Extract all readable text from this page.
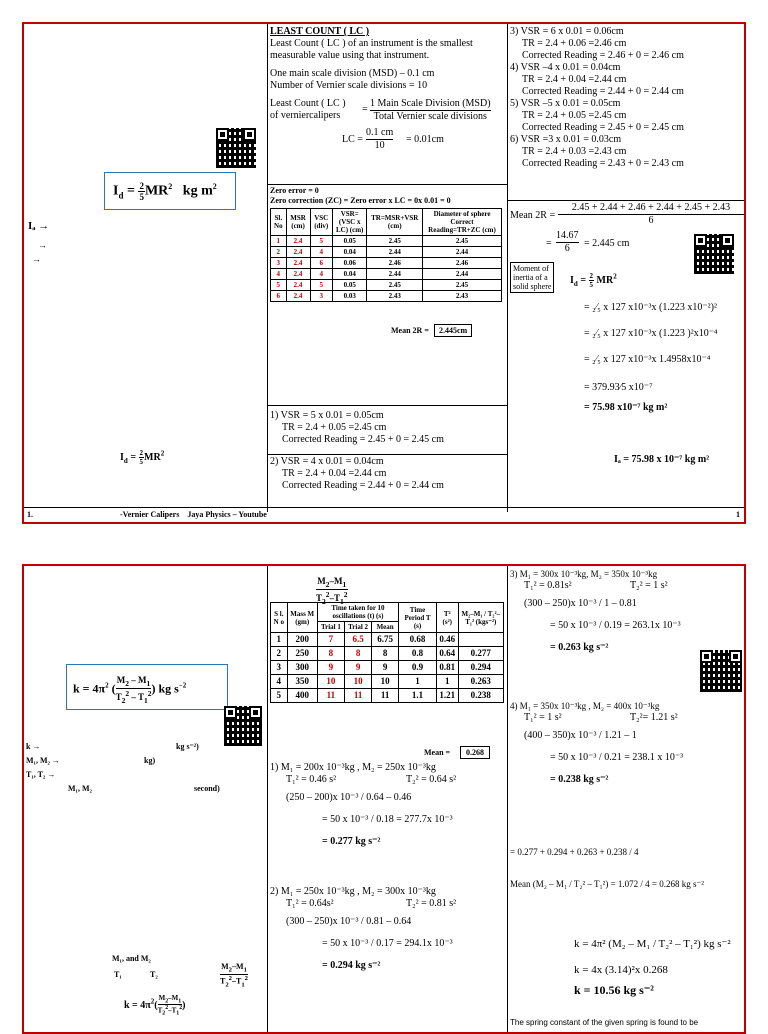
$I_d = \frac{2}{5} MR^2$   kg $m^2$
Iₐ →
→
→
$I_d = \frac{2}{5} MR^2$
LEAST COUNT ( LC )
Least Count ( LC ) of an instrument is the smallest measurable value using that instrument.
One main scale division (MSD) – 0.1 cm
Number of Vernier scale divisions = 10
Least Count ( LC )
of verniercalipers
=
1 Main Scale Division (MSD)
Total Vernier scale divisions
LC = $\frac{0.1 cm}{10} = 0.01cm$
Zero error = 0
Zero correction (ZC) = Zero error x LC = 0x 0.01 = 0
Sl. No	MSR (cm)	VSC (div)	VSR= (VSC x LC) (cm)	TR=MSR+VSR (cm)	Diameter of sphere Correct Reading=TR+ZC (cm)
1	2.4	5	0.05	2.45	2.45
2	2.4	4	0.04	2.44	2.44
3	2.4	6	0.06	2.46	2.46
4	2.4	4	0.04	2.44	2.44
5	2.4	5	0.05	2.45	2.45
6	2.4	3	0.03	2.43	2.43
Mean 2R =	2.445cm
1) VSR = 5 x 0.01 = 0.05cm
TR = 2.4 + 0.05 =2.45 cm
Corrected Reading = 2.45 + 0 = 2.45 cm
2) VSR = 4 x 0.01 = 0.04cm
TR = 2.4 + 0.04 =2.44 cm
Corrected Reading = 2.44 + 0 = 2.44 cm
3) VSR = 6 x 0.01 = 0.06cm
TR = 2.4 + 0.06 =2.46 cm
Corrected Reading = 2.46 + 0 = 2.46 cm
4) VSR –4 x 0.01 = 0.04cm
TR = 2.4 + 0.04 =2.44 cm
Corrected Reading = 2.44 + 0 = 2.44 cm
5) VSR –5 x 0.01 = 0.05cm
TR = 2.4 + 0.05 =2.45 cm
Corrected Reading = 2.45 + 0 = 2.45 cm
6) VSR =3 x 0.01 = 0.03cm
TR = 2.4 + 0.03 =2.43 cm
Corrected Reading = 2.43 + 0 = 2.43 cm
Mean $2R = \frac{2.45 + 2.44 + 2.46 + 2.44 + 2.45 + 2.43}{6}$
=
14.67
6	= 2.445 cm
Moment of
inertia of a
solid sphere
$I_d = \frac{2}{5} MR^2$
= ₂⁄₅ x 127 x10⁻³x (1.223 x10⁻²)²
= ₂⁄₅ x 127 x10⁻³x (1.223 )²x10⁻⁴
= ₂⁄₅ x 127 x10⁻³x 1.4958x10⁻⁴
= 379.93⁄5 x10⁻⁷
= 75.98 x10⁻⁷ kg m²
Iₐ = 75.98 x 10⁻⁷ kg m²
1.	-Vernier Calipers    Jaya Physics – Youtube	1
$k = 4\pi^2$ ( $\frac{M_2 - M_1}{T_2^2 - T_1^2}$ ) kg $s^{-2}$
k →	kg s⁻²)
M₁, M₂ →	kg)
T₁, T₂ →
M₁, M₂	second)
M₁, and M₂
T₁	T₂	$\frac{M_2-M_1}{T_2^2-T_1^2}$
$k = 4\pi^2( \frac{M_2-M_1}{T_2^2-T_1^2}$ )
$\frac{M_2-M_1}{T_2^2-T_1^2}$
S l. N o	Mass M (gm)	Time taken for 10 oscillations (t) (s)			Time Period T (s)	T² (s²)	M₂–M₁ / T₂²–T₁² (kgs⁻²)
		Trial 1	Trial 2	Mean			
1	200	7	6.5	6.75	0.68	0.46	
2	250	8	8	8	0.8	0.64	0.277
3	300	9	9	9	0.9	0.81	0.294
4	350	10	10	10	1	1	0.263
5	400	11	11	11	1.1	1.21	0.238
Mean =	0.268
1) M₁ = 200x 10⁻³kg , M₂ = 250x 10⁻³kg
T₁² = 0.46 s²	T₂² = 0.64 s²
(250 – 200)x 10⁻³ / 0.64 – 0.46
= 50 x 10⁻³ / 0.18 = 277.7x 10⁻³
= 0.277 kg s⁻²
2) M₁ = 250x 10⁻³kg , M₂ = 300x 10⁻³kg
T₁² = 0.64s²	T₂² = 0.81 s²
(300 – 250)x 10⁻³ / 0.81 – 0.64
= 50 x 10⁻³ / 0.17 = 294.1x 10⁻³
= 0.294 kg s⁻²
3) M₁ = 300x 10⁻³kg, M₂ = 350x 10⁻³kg
T₁² = 0.81s²	T₂² = 1 s²
(300 – 250)x 10⁻³ / 1 – 0.81
= 50 x 10⁻³ / 0.19 = 263.1x 10⁻³
= 0.263 kg s⁻²
4) M₁ = 350x 10⁻³kg , M₂ = 400x 10⁻³kg
T₁² = 1 s²	T₂²= 1.21 s²
(400 – 350)x 10⁻³ / 1.21 – 1
= 50 x 10⁻³ / 0.21 = 238.1 x 10⁻³
= 0.238 kg s⁻²
= 0.277 + 0.294 + 0.263 + 0.238 / 4
Mean (M₂ – M₁ / T₂² – T₁²) = 1.072 / 4 = 0.268 kg s⁻²
k = 4π² (M₂ – M₁ / T₂² – T₁²) kg s⁻²
k = 4x (3.14)²x 0.268
k = 10.56 kg s⁻²
The spring constant of the given spring is found to be
